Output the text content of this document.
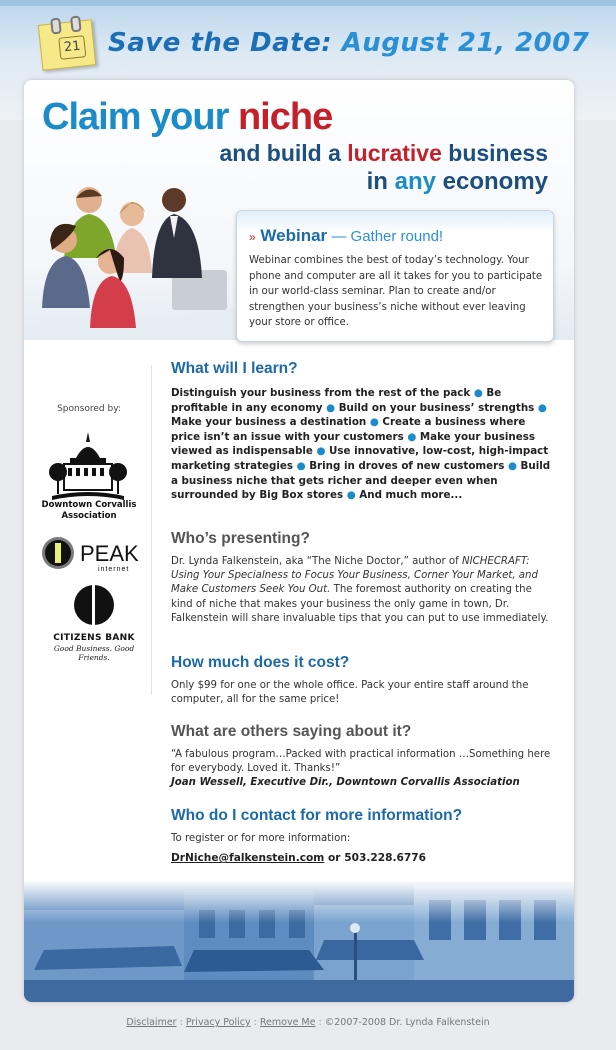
21 Save the Date: August 21, 2007
Claim your niche
and build a lucrative business
in any economy
» Webinar — Gather round!
Webinar combines the best of today’s technology. Your phone and computer are all it takes for you to participate in our world-class seminar. Plan to create and/or strengthen your business’s niche without ever leaving your store or office.
Sponsored by:
Downtown Corvallis Association
PEAK
internet
CITIZENS BANK
Good Business. Good Friends.
What will I learn?
Distinguish your business from the rest of the pack ● Be profitable in any economy ● Build on your business’ strengths ● Make your business a destination ● Create a business where price isn’t an issue with your customers ● Make your business viewed as indispensable ● Use innovative, low-cost, high-impact marketing strategies ● Bring in droves of new customers ● Build a business niche that gets richer and deeper even when surrounded by Big Box stores ● And much more...
Who’s presenting?
Dr. Lynda Falkenstein, aka “The Niche Doctor,” author of NICHECRAFT: Using Your Specialness to Focus Your Business, Corner Your Market, and Make Customers Seek You Out. The foremost authority on creating the kind of niche that makes your business the only game in town, Dr. Falkenstein will share invaluable tips that you can put to use immediately.
How much does it cost?
Only $99 for one or the whole office. Pack your entire staff around the computer, all for the same price!
What are others saying about it?
“A fabulous program…Packed with practical information …Something here for everybody. Loved it. Thanks!”
Joan Wessell, Executive Dir., Downtown Corvallis Association
Who do I contact for more information?
To register or for more information:
DrNiche@falkenstein.com or 503.228.6776
Disclaimer : Privacy Policy : Remove Me : ©2007-2008 Dr. Lynda Falkenstein
